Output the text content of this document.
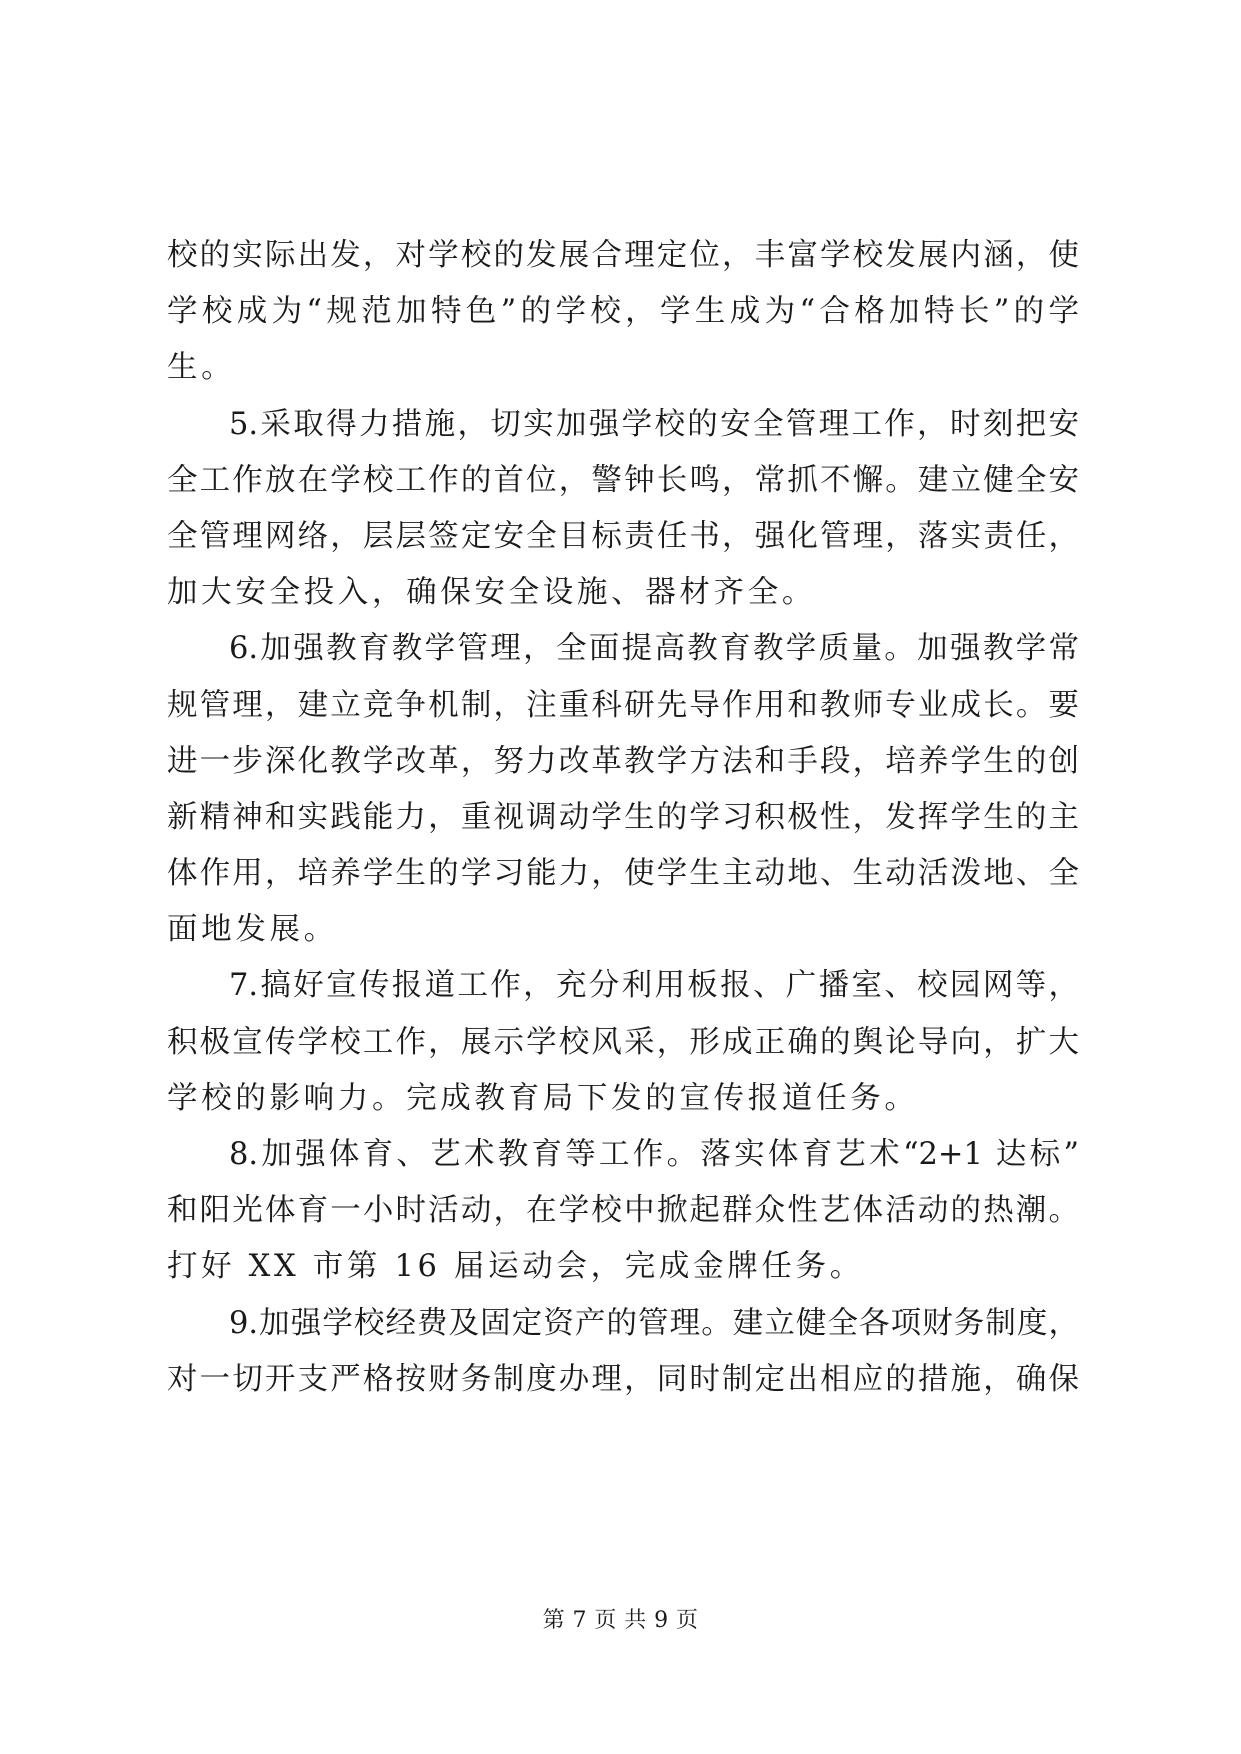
校的实际出发，对学校的发展合理定位，丰富学校发展内涵，使
学校成为“规范加特色”的学校，学生成为“合格加特长”的学
生。
5.采取得力措施，切实加强学校的安全管理工作，时刻把安
全工作放在学校工作的首位，警钟长鸣，常抓不懈。建立健全安
全管理网络，层层签定安全目标责任书，强化管理，落实责任，
加大安全投入，确保安全设施、器材齐全。
6.加强教育教学管理，全面提高教育教学质量。加强教学常
规管理，建立竞争机制，注重科研先导作用和教师专业成长。要
进一步深化教学改革，努力改革教学方法和手段，培养学生的创
新精神和实践能力，重视调动学生的学习积极性，发挥学生的主
体作用，培养学生的学习能力，使学生主动地、生动活泼地、全
面地发展。
7.搞好宣传报道工作，充分利用板报、广播室、校园网等，
积极宣传学校工作，展示学校风采，形成正确的舆论导向，扩大
学校的影响力。完成教育局下发的宣传报道任务。
8.加强体育、艺术教育等工作。落实体育艺术“2+1 达标”
和阳光体育一小时活动，在学校中掀起群众性艺体活动的热潮。
打好 XX 市第 16 届运动会，完成金牌任务。
9.加强学校经费及固定资产的管理。建立健全各项财务制度，
对一切开支严格按财务制度办理，同时制定出相应的措施，确保
第 7 页 共 9 页
